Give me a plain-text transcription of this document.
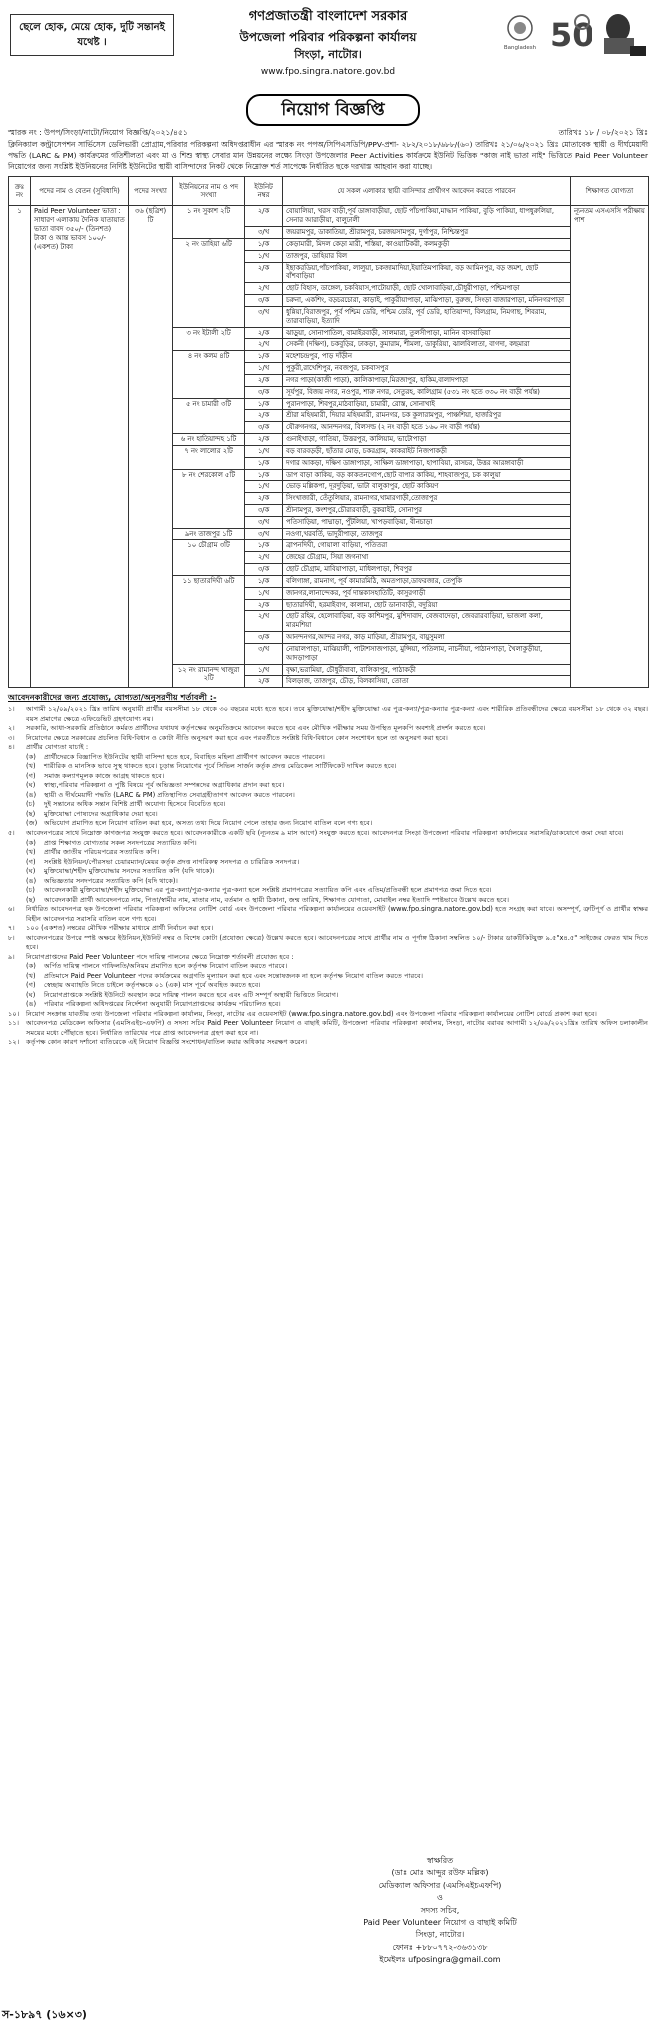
ছেলে হোক, মেয়ে হোক, দুটি সন্তানই যথেষ্ট ।
গণপ্রজাতন্ত্রী বাংলাদেশ সরকার
উপজেলা পরিবার পরিকল্পনা কার্যালয়
সিংড়া, নাটোর।
www.fpo.singra.natore.gov.bd
Bangladesh 50
নিয়োগ বিজ্ঞপ্তি
স্মারক নং : উপপ/সিংড়া/নাটো/নিয়োগ বিজ্ঞপ্তি/২০২১/৪৫১	তারিখঃ ১৮ / ০৮/২০২১ খ্রিঃ
ক্লিনিক্যাল কন্ট্রাসেপশন সার্ভিসেস ডেলিভারী প্রোগ্রাম,পরিবার পরিকল্পনা অধিদপ্তরাধীন এর স্মারক নং পপঅ/সিপিএসডিপি/PPV-প্রশা- ২৮২/২০১৮/৬৮৮/(৬০) তারিখঃ ২১/০৬/২০২১ খ্রিঃ মোতাবেক স্থায়ী ও দীর্ঘমেয়াদী পদ্ধতি (LARC & PM) কার্যক্রমের গতিশীলতা এবং মা ও শিশু স্বাস্থ্য সেবার মান উন্নয়নের লক্ষ্যে সিংড়া উপজেলার Peer Activities কার্যক্রমে ইউনিট ভিত্তিক "কাজ নাই ভাতা নাই" ভিত্তিতে Paid Peer Volunteer নিয়োগের জন্য সংশ্লিষ্ট ইউনিয়নের নির্দিষ্ট ইউনিটের স্থায়ী বাসিন্দাদের নিকট থেকে নিম্নোক্ত শর্ত সাপেক্ষে নির্ধারিত ছকে দরখাস্ত আহবান করা যাচ্ছে।
ক্রঃ নং	পদের নাম ও বেতন (সুবিধাদি)	পদের সংখ্যা	ইউনিয়নের নাম ও পদ সংখ্যা	ইউনিট নম্বর	যে সকল এলাকার স্থায়ী বাসিন্দার প্রার্থীগণ আবেদন করতে পারবেন	শিক্ষাগত যোগ্যতা
১	Paid Peer Volunteer ভাতা : সাধারণ এলাকায় দৈনিক যাতায়াত ভাতা বাবদ ৩৫০/- (তিনশত) টাকা ও আন্ত ভাবস ১০০/- (একশত) টাকা	৩৬ (ছত্রিশ) টি	১ নং সুকাশ ২টি	২/ক	বোয়ালিয়া, খরস বাড়ী,পূর্ব ডাঙ্গাবাড়ীয়া, ছোট পাঁচপাকিয়া,মাদ্ধান পাকিয়া, বুড়ি পাকিয়া, ধাপধুরুলিয়া, সেনার আরাড়ীয়া, বালুঢালী	ন্যূনতম এসএসসি পরীক্ষায় পাশ
				৩/খ	জয়রামপুর, ডাকাতিয়া, শ্রীরামপুর, চরজয়সামপুর, দুর্গাপুর, নিশ্চিন্তপুর	
			২ নং ডাহিয়া ৬টি	১/ক	কেড়ামারী, মিদল কেড়া মারী, শস্তিয়া, কাওয়াটিকরী, কলমকুড়ী	
				১/খ	তাজপুর, ডাহিয়ার বিল	
				২/ক	ইছাকরডিয়া,পাঁচপাকিয়া, লালুয়া, চকজামাদিয়া,ইয়াতিমপাকিয়া, বড় আমিনপুর, বড় জমশ, ছোট বাঁশবাড়িয়া	
				২/খ	ছোট বিহাস, ডাঙ্গেল, চকবিয়াস,পাটোয়াড়ী, ছোট খোলাবাড়িয়া,চৌধুরীপাড়া, পশ্চিমপাড়া	
				৩/ক	চরুনা, একশিং, বড়চরচোরা, কাড়াই, পাকুরীয়াপাড়া, মাঝিপাড়া, বুরুজ, সিংড়া বাজারপাড়া, মনিনগরপাড়া	
				৩/খ	ধুন্নিয়া,বিরাজপুর, পূর্ব পশ্চিম ডেরি, পশ্চিম ডেরি, পূর্ব ডেরি, হাতিয়ান্দা, বিলগ্রাম, নিমগাছ, শিবরাম, তারাবাড়িয়া, ইত্যাদি	
			৩ নং ইটালী ২টি	২/ক	ঝাড়ুয়া, সোনাপাতিল, বামাইরবাড়ী, সালমারা, তুলসীপাড়া, মানিন বাসবাড়িয়া	
				২/খ	সেকনী (দক্ষিণ), চকবুড়ির, ঢাকড়া, কুমারাম, শীমলা, ডাকুরিয়া, ঝালবিলাতা, বাগদা, কছমারা	
			৪ নং কলম ৪টি	১/ক	মহেশচন্দ্রপুর, পাড় দাঁড়ীন	
				১/খ	পুকুরী,রাখেশিপুর, নবজপুর, চকবাসপুর	
				২/ক	নগর পাড়া(কাজী পাড়া), কালিকাপাড়া,মিরজাপুর, হাকিম,বালাদপাড়া	
				৩/ক	সূর্যপুর, বিজয় নগর, নওপুর, শারু নগর, সেতুরহ, কালিগ্রাম (৫৩১ নং হতে ৩৩০ নং বাড়ী পর্যন্ত)	
			৫ নং চামারী ৩টি	১/ক	পুরানপাড়া, শিবপুর,মাঠবাড়িয়া, চামারী, রোস্ত, সোনাখাই	
				২/ক	শ্রীরা মহিষমারী, দিয়ার মহিষমারী, রামনগর, চক কুলারামপুর, পাঞ্চশিয়া, হাজরিপুর	
				৩/ক	যৌরুগনগর, আনন্দনগর, বিলসল্ড (২ নং বাড়ী হতে ১৬০ নং বাড়ী পর্যন্ত)	
			৬ নং হাতিয়ান্দহ ১টি	২/ক	গুনাইখাড়া, গাতিয়া, উত্তরপুর, কালিয়াম, ভাটোপাড়া	
			৭ নং লালোর ২টি	১/খ	বড় বারবড়ড়ী, ছাঁতার মোড়, চকরগ্রাম, কাকরাইট নিজপাকড়ী	
				১/ক	দগার আকড়া, দক্ষিণ ডাঙ্গাপাড়া, সাক্ষিল ডাঙ্গাপাড়া, হাপাবিয়া, রাসচর, উত্তর আরঙ্গাবাড়ী	
			৮ নং শেরকোল ৫টি	১/ক	ডাপ বাড়া কাকিয়, বড় কাকতনগোপ,ছোট বাপার কাকিয়, শাহবাজপুর, চক কালুয়া	
				১/খ	ভোড় মল্লিকপা, দূরদুড়িয়া, ভাটা বালুকাপুর, ছোট কাকিয়ণ	
				২/ক	সিংখাজারী, তেঁতুলিয়ার, রামনাগর,খামারগাড়ী,তোজাপুর	
				৩/ক	শ্রীনামপুর, কংশপুর,চৌরারবাড়ী, বুকরাইট, সোনাপুর	
				৩/খ	পতিসাড়িয়া, পাদ্মাড়া, পুঁটলিয়া, খাপড়বাড়িয়া, বীনচাড়া	
			৯নং তাজপুর ১টি	৩/খ	নওগা,খরবর্তি, ভাদুরীপাড়া, তাজপুর	
			১০ চৌগ্রাম ৩টি	১/ক	ব্রাপনদিঘী, গোয়ালা বাড়িয়া, পতিতরা	
				২/খ	জেহের চৌগ্রাম, সিয়া জগনাথা	
				৩/ক	ছোট চৌগ্রাম, মাবিয়াপাড়া, মাধিলপাড়া, শিবপুর	
			১১ ছাতারদিঘী ৬টি	১/ক	বলিগাঙ্গা, রামনাগ, পূর্ব কামারমিঠি, অমতপাড়া,ডাফরজার, তেপুকি	
				১/খ	জানগর,লানান্দেকর, পূর্ব দান্তকাসহাতিটি, কাসুরগাড়ী	
				২/ক	ছাতারদিঘী, হরমাইবাগ, কালামা, ছোট ডানাবাড়ী, বদুরিয়া	
				২/খ	ছোট রহিম, হেলোবাড়িয়া, বড় কাশিমপুর, মুশিদাবাদ, বেজবাদেড়া, জেবরারবাড়িয়া, ভাজলা কলা, মারমশিয়া	
				৩/ক	আনন্দনগর,আন্দর নগর, কাড় মাড়িয়া, শ্রীরামপুর, বায়ুসুমলা	
				৩/খ	নোয়ালপাড়া, মাঝিয়ালী, পাটাশসাজপাড়া, মুন্সিয়া, পতিলাম, নাচনীয়া, পাঠানপাড়া, খৈলাকুড়ীয়া, আদড়াপাড়া	
			১২ নং রামানন্দ খাজুরা ২টি	১/খ	বৃক্ষা,ভরামিয়া, চৌধুরীবাবা, বালিকাপুর, পাঠাকড়ী	
				২/ক	বিলড়াজ, তাজপুর, চৌড়, বিলকাসিয়া, তোতা	
আবেদনকারীদের জন্য প্রযোজ্য, যোগ্যতা/অনুসরণীয় শর্তাবলী :-
১।	আগামী ১২/০৯/২০২১ খ্রিঃ তারিখ অনুযায়ী প্রার্থীর বয়সসীমা ১৮ থেকে ৩০ বছরের মধ্যে হতে হবে। তবে মুক্তিযোদ্ধা/শহীদ মুক্তিযোদ্ধা এর পুত্র-কন্যা/পুত্র-কন্যার পুত্র-কন্যা এবং শারীরিক প্রতিবন্ধীদের ক্ষেত্রে বয়সসীমা ১৮ থেকে ৩২ বছর। বয়স প্রমাণের ক্ষেত্রে এফিডেভিট গ্রহণযোগ্য নয়।
২।	সরকারি, আধা-সরকারি প্রতিষ্ঠানে কর্মরত প্রার্থীদের যথাযথ কর্তৃপক্ষের অনুমতিক্রমে আবেদন করতে হবে এবং মৌখিক পরীক্ষার সময় উপস্থিত মূলকপি অবশ্যই প্রদর্শন করতে হবে।
৩।	নিয়োগের ক্ষেত্রে সরকারের প্রচলিত বিধি-বিধান ও কোটা নীতি অনুসরণ করা হবে এবং পরবর্তীতে সংশ্লিষ্ট বিধি-বিধানে কোন সংশোধন হলে তা অনুসরণ করা হবে।
৪।	প্রার্থীর যোগ্যতা যাচাই :
(ক)	প্রার্থীদেরকে বিজ্ঞাপিত ইউনিটের স্থায়ী বাসিন্দা হতে হবে, বিবাহিত মহিলা প্রার্থীগণ আবেদন করতে পারবেন।
(খ)	শারীরিক ও মানসিক ভাবে সুস্থ থাকতে হবে। চূড়ান্ত নিয়োগের পূর্বে সিভিল সার্জন কর্তৃক প্রদত্ত মেডিকেল সার্টিফিকেট দাখিল করতে হবে।
(গ)	সমাজ কল্যাণমূলক কাজে আগ্রহ থাকতে হবে।
(ঘ)	স্বাস্থ্য,পরিবার পরিকল্পনা ও পুষ্টি বিষয়ে পূর্ব অভিজ্ঞতা সম্পন্নদের অগ্রাধিকার প্রদান করা হবে।
(ঙ)	স্থায়ী ও দীর্ঘমেয়াদী পদ্ধতি (LARC & PM) প্রতিস্থাপিত সেবাগ্রহীতাগণ আবেদন করতে পারবেন।
(চ)	দুই সন্তানের অধিক সন্তান বিশিষ্ট প্রার্থী অযোগ্য হিসেবে বিবেচিত হবে।
(ছ)	মুক্তিযোদ্ধা পোষ্যদের অগ্রাধিকার দেয়া হবে।
(জ)	অভিযোগ প্রমাণিত হলে নিয়োগ বাতিল করা হবে, অসত্য তথ্য দিয়ে নিয়োগ পেলে তাহার জন্য নিয়োগ বাতিল বলে গণ্য হবে।
৫।	আবেদনপত্রের সাথে নিম্নোক্ত কাগজপত্র সংযুক্ত করতে হবে। আবেদনকারীকে একটি ছবি (ন্যূনতম ৯ মাস আগে) সংযুক্ত করতে হবে। আবেদনপত্র সিংড়া উপজেলা পরিবার পরিকল্পনা কার্যালয়ের সরাসরি/ডাকযোগে জমা দেয়া যাবে।
(ক)	প্রাপ্ত শিক্ষাগত যোগ্যতার সকল সনদপত্রের সত্যায়িত কপি।
(খ)	প্রার্থীর জাতীয় পরিচয়পত্রের সত্যায়িত কপি।
(গ)	সংশ্লিষ্ট ইউনিয়ন/পৌরসভা চেয়ারম্যান/মেয়র কর্তৃক প্রদত্ত নাগরিকত্ব সনদপত্র ও চারিত্রিক সনদপত্র।
(ঘ)	মুক্তিযোদ্ধা/শহীদ মুক্তিযোদ্ধার সনদের সত্যায়িত কপি (যদি থাকে)।
(ঙ)	অভিজ্ঞতার সনদপত্রের সত্যায়িত কপি (যদি থাকে)।
(চ)	আবেদনকারী মুক্তিযোদ্ধা/শহীদ মুক্তিযোদ্ধা এর পুত্র-কন্যা/পুত্র-কন্যার পুত্র-কন্যা হলে সংশ্লিষ্ট প্রমাণপত্রের সত্যায়িত কপি এবং এতিম/প্রতিবন্ধী হলে প্রমাণপত্র জমা দিতে হবে।
(ছ)	আবেদনকারী প্রার্থী আবেদনপত্রে নাম, পিতা/স্বামীর নাম, মাতার নাম, বর্তমান ও স্থায়ী ঠিকানা, জন্ম তারিখ, শিক্ষাগত যোগ্যতা, মোবাইল নম্বর ইত্যাদি স্পষ্টভাবে উল্লেখ করতে হবে।
৬।	নির্ধারিত আবেদনপত্র ছক উপজেলা পরিবার পরিকল্পনা অফিসের নোটিশ বোর্ড এবং উপজেলা পরিবার পরিকল্পনা কার্যালয়ের ওয়েবসাইট (www.fpo.singra.natore.gov.bd) হতে সংগ্রহ করা যাবে। অসম্পূর্ণ, ত্রুটিপূর্ণ ও প্রার্থীর স্বাক্ষর বিহীন আবেদনপত্র সরাসরি বাতিল বলে গণ্য হবে।
৭।	১০০ (একশত) নম্বরের মৌখিক পরীক্ষার মাধ্যমে প্রার্থী নির্বাচন করা হবে।
৮।	আবেদনপত্রের উপরে স্পষ্ট অক্ষরে ইউনিয়ন,ইউনিট নম্বর ও বিশেষ কোটা (প্রযোজ্য ক্ষেত্রে) উল্লেখ করতে হবে। আবেদনপত্রের সাথে প্রার্থীর নাম ও পূর্ণাঙ্গ ঠিকানা সম্বলিত ১০/- টাকার ডাকটিকিটযুক্ত ৯.৫"x৪.৫" সাইজের ফেরত খাম দিতে হবে।
৯।	নিয়োগপ্রাপ্তদের Paid Peer Volunteer পদে দায়িত্ব পালনের ক্ষেত্রে নিম্নোক্ত শর্তাবলী প্রযোজ্য হবে :
(ক)	অর্পিত দায়িত্ব পালনে গাফিলতি/অনিয়ম প্রমাণিত হলে কর্তৃপক্ষ নিয়োগ বাতিল করতে পারবে।
(খ)	প্রতিমাসে Paid Peer Volunteer পদের কার্যক্রমের অগ্রগতি মূল্যায়ন করা হবে এবং সন্তোষজনক না হলে কর্তৃপক্ষ নিয়োগ বাতিল করতে পারবে।
(গ)	স্বেচ্ছায় অব্যাহতি নিতে চাইলে কর্তৃপক্ষকে ০১ (এক) মাস পূর্বে অবহিত করতে হবে।
(ঘ)	নিয়োগপ্রাপ্তকে সংশ্লিষ্ট ইউনিটে অবস্থান করে দায়িত্ব পালন করতে হবে এবং এটি সম্পূর্ণ অস্থায়ী ভিত্তিতে নিয়োগ।
(ঙ)	পরিবার পরিকল্পনা অধিদপ্তরের নির্দেশনা অনুযায়ী নিয়োগপ্রাপ্তদের কার্যক্রম পরিচালিত হবে।
১০।	নিয়োগ সংক্রান্ত যাবতীয় তথ্য উপজেলা পরিবার পরিকল্পনা কার্যালয়, সিংড়া, নাটোর এর ওয়েবসাইট (www.fpo.singra.natore.gov.bd) এবং উপজেলা পরিবার পরিকল্পনা কার্যালয়ের নোটিশ বোর্ডে প্রকাশ করা হবে।
১১।	আবেদনপত্র মেডিকেল অফিসার (এমসিএইচ-এফপি) ও সদস্য সচিব Paid Peer Volunteer নিয়োগ ও বাছাই কমিটি, উপজেলা পরিবার পরিকল্পনা কার্যালয়, সিংড়া, নাটোর বরাবর আগামী ১২/০৯/২০২১খ্রিঃ তারিখ অফিস চলাকালীন সময়ের মধ্যে পৌঁছাতে হবে। নির্ধারিত তারিখের পরে প্রাপ্ত আবেদনপত্র গ্রহণ করা হবে না।
১২।	কর্তৃপক্ষ কোন কারণ দর্শানো ব্যতিরেকে এই নিয়োগ বিজ্ঞপ্তি সংশোধন/বাতিল করার অধিকার সংরক্ষণ করেন।
স্বাক্ষরিত
(ডাঃ মোঃ আব্দুর রউফ মল্লিক)
মেডিক্যাল অফিসার (এমসিএইচএফপি)
ও
সদস্য সচিব,
Paid Peer Volunteer নিয়োগ ও বাছাই কমিটি
সিংড়া, নাটোর।
ফোনঃ +৮৮০৭৭২-৩৬৩১৩৮
ইমেইলঃ ufposingra@gmail.com
স-১৮৯৭ (১৬×৩)
